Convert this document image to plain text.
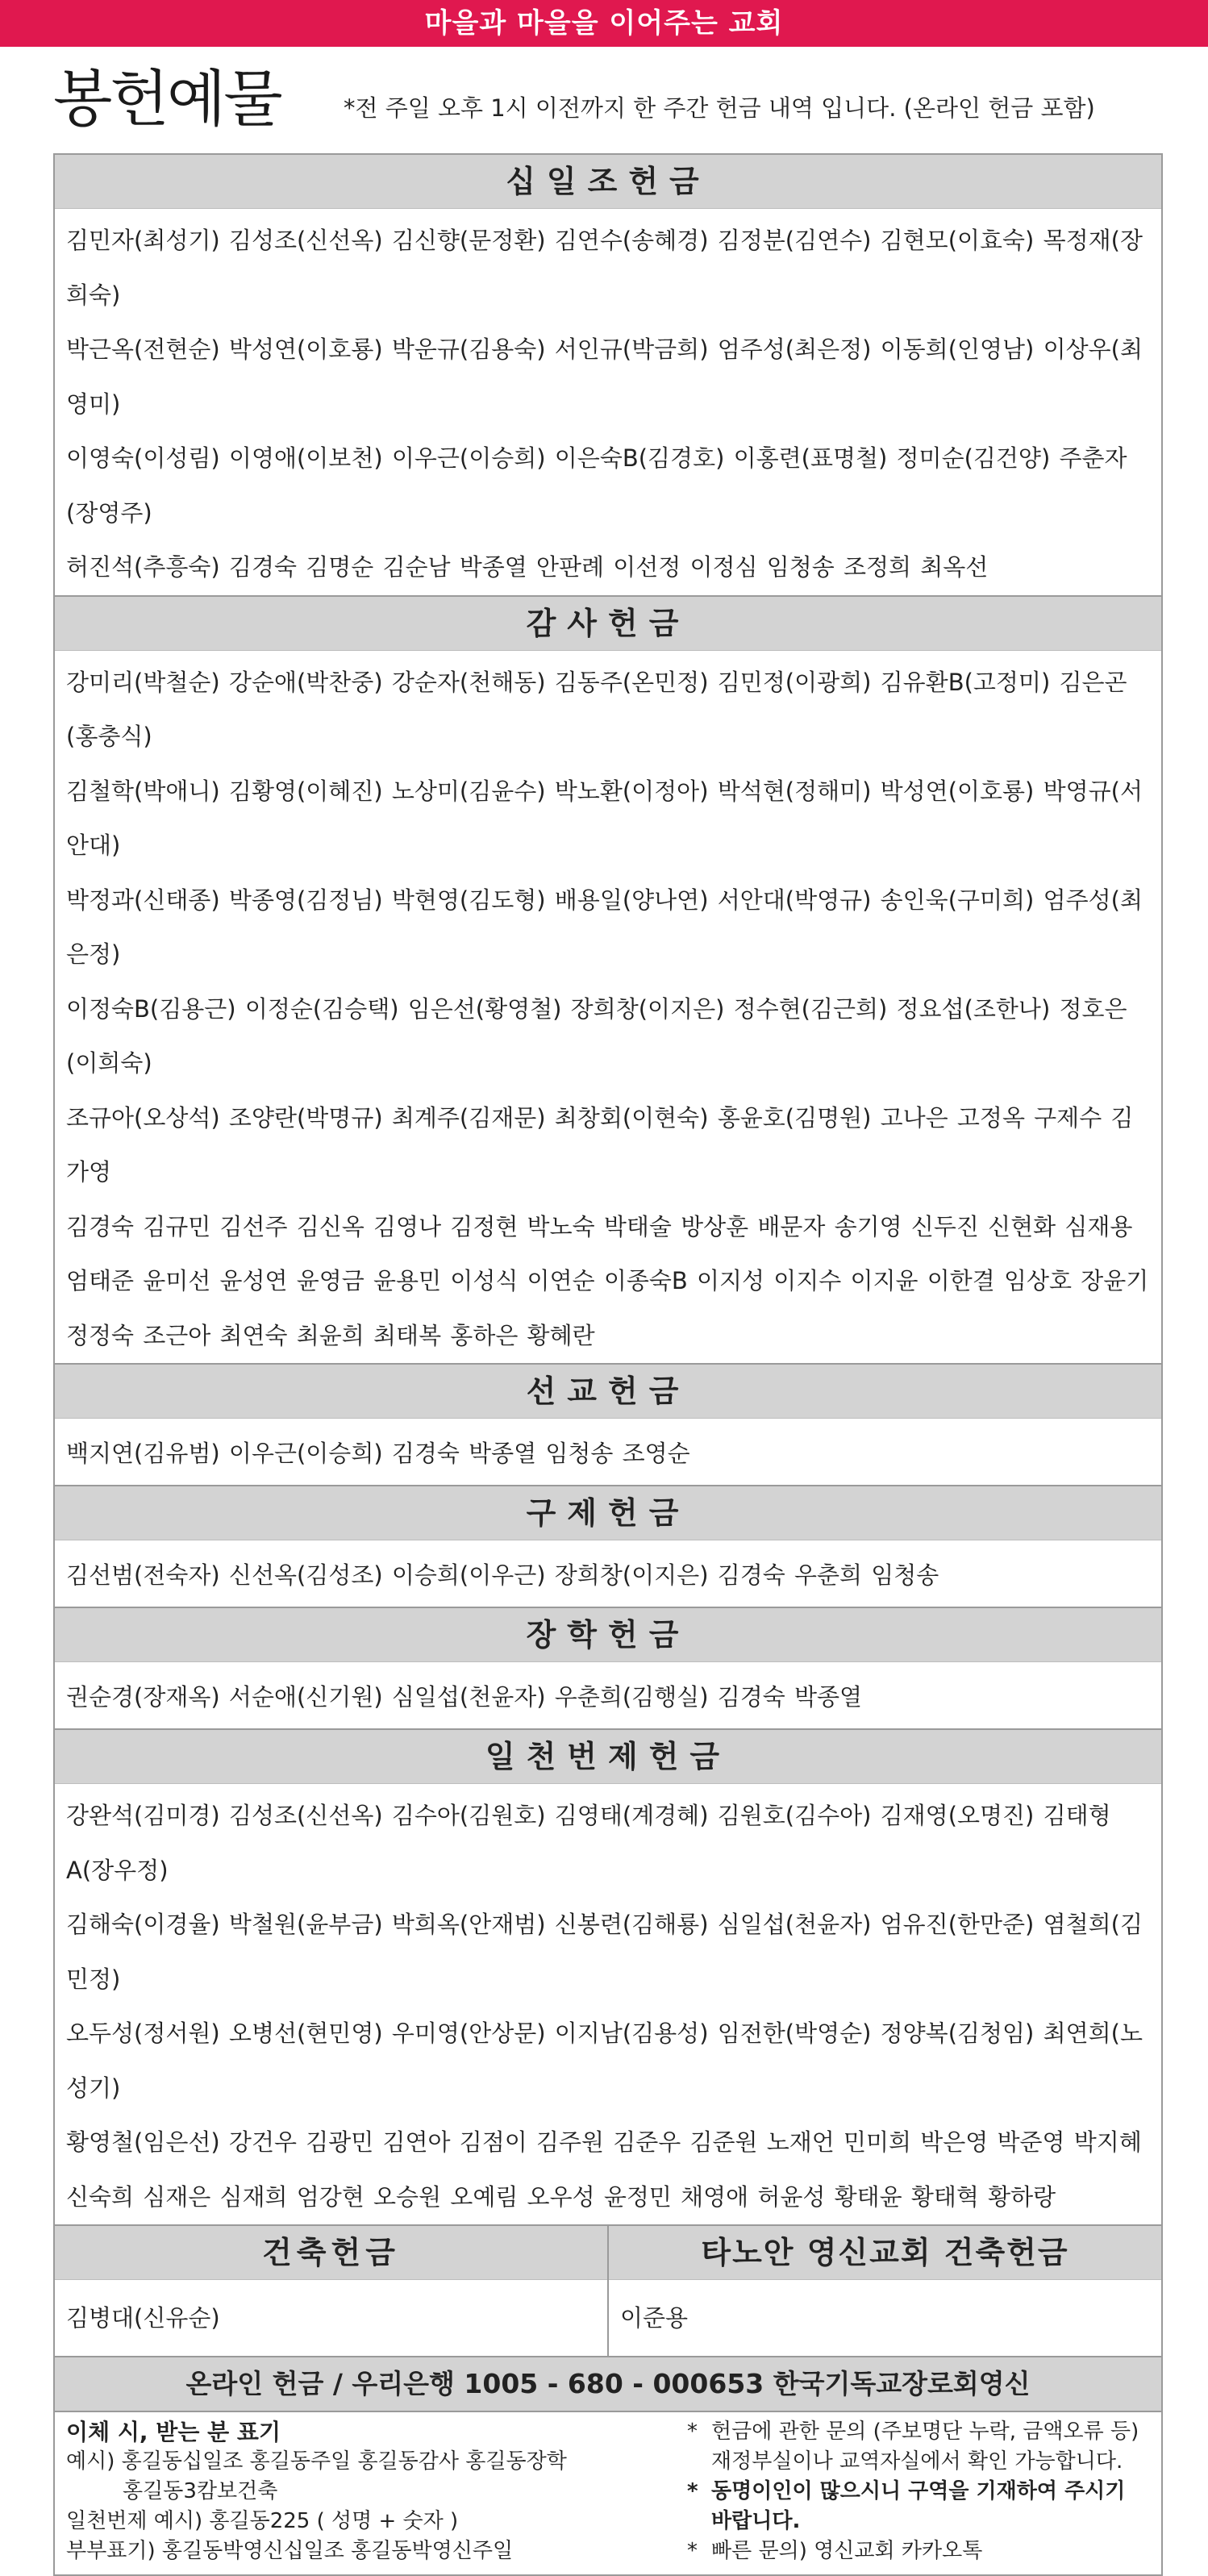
마을과 마을을 이어주는 교회
봉헌예물	*전 주일 오후 1시 이전까지 한 주간 헌금 내역 입니다. (온라인 헌금 포함)
십일조헌금
김민자(최성기) 김성조(신선옥) 김신향(문정환) 김연수(송혜경) 김정분(김연수) 김현모(이효숙) 목정재(장희숙)
박근옥(전현순) 박성연(이호룡) 박운규(김용숙) 서인규(박금희) 엄주성(최은정) 이동희(인영남) 이상우(최영미)
이영숙(이성림) 이영애(이보천) 이우근(이승희) 이은숙B(김경호) 이홍련(표명철) 정미순(김건양) 주춘자(장영주)
허진석(추흥숙) 김경숙 김명순 김순남 박종열 안판례 이선정 이정심 임청송 조정희 최옥선
감사헌금
강미리(박철순) 강순애(박찬중) 강순자(천해동) 김동주(온민정) 김민정(이광희) 김유환B(고정미) 김은곤(홍충식)
김철학(박애니) 김황영(이혜진) 노상미(김윤수) 박노환(이정아) 박석현(정해미) 박성연(이호룡) 박영규(서안대)
박정과(신태종) 박종영(김정님) 박현영(김도형) 배용일(양나연) 서안대(박영규) 송인욱(구미희) 엄주성(최은정)
이정숙B(김용근) 이정순(김승택) 임은선(황영철) 장희창(이지은) 정수현(김근희) 정요섭(조한나) 정호은(이희숙)
조규아(오상석) 조양란(박명규) 최계주(김재문) 최창회(이현숙) 홍윤호(김명원) 고나은 고정옥 구제수 김가영
김경숙 김규민 김선주 김신옥 김영나 김정현 박노숙 박태술 방상훈 배문자 송기영 신두진 신현화 심재용
엄태준 윤미선 윤성연 윤영금 윤용민 이성식 이연순 이종숙B 이지성 이지수 이지윤 이한결 임상호 장윤기
정정숙 조근아 최연숙 최윤희 최태복 홍하은 황혜란
선교헌금
백지연(김유범) 이우근(이승희) 김경숙 박종열 임청송 조영순
구제헌금
김선범(전숙자) 신선옥(김성조) 이승희(이우근) 장희창(이지은) 김경숙 우춘희 임청송
장학헌금
권순경(장재옥) 서순애(신기원) 심일섭(천윤자) 우춘희(김행실) 김경숙 박종열
일천번제헌금
강완석(김미경) 김성조(신선옥) 김수아(김원호) 김영태(계경혜) 김원호(김수아) 김재영(오명진) 김태형A(장우정)
김해숙(이경율) 박철원(윤부금) 박희옥(안재범) 신봉련(김해룡) 심일섭(천윤자) 엄유진(한만준) 염철희(김민정)
오두성(정서원) 오병선(현민영) 우미영(안상문) 이지남(김용성) 임전한(박영순) 정양복(김청임) 최연희(노성기)
황영철(임은선) 강건우 김광민 김연아 김점이 김주원 김준우 김준원 노재언 민미희 박은영 박준영 박지혜
신숙희 심재은 심재희 엄강현 오승원 오예림 오우성 윤정민 채영애 허윤성 황태윤 황태혁 황하랑
건축헌금
김병대(신유순)
타노안 영신교회 건축헌금
이준용
온라인 헌금 / 우리은행 1005 - 680 - 000653 한국기독교장로회영신
이체 시, 받는 분 표기
예시) 홍길동십일조 홍길동주일 홍길동감사 홍길동장학
홍길동3캄보건축
일천번제 예시) 홍길동225 ( 성명 + 숫자 )
부부표기) 홍길동박영신십일조 홍길동박영신주일
* 헌금에 관한 문의 (주보명단 누락, 금액오류 등) 재정부실이나 교역자실에서 확인 가능합니다.
* 동명이인이 많으시니 구역을 기재하여 주시기 바랍니다.
* 빠른 문의) 영신교회 카카오톡
